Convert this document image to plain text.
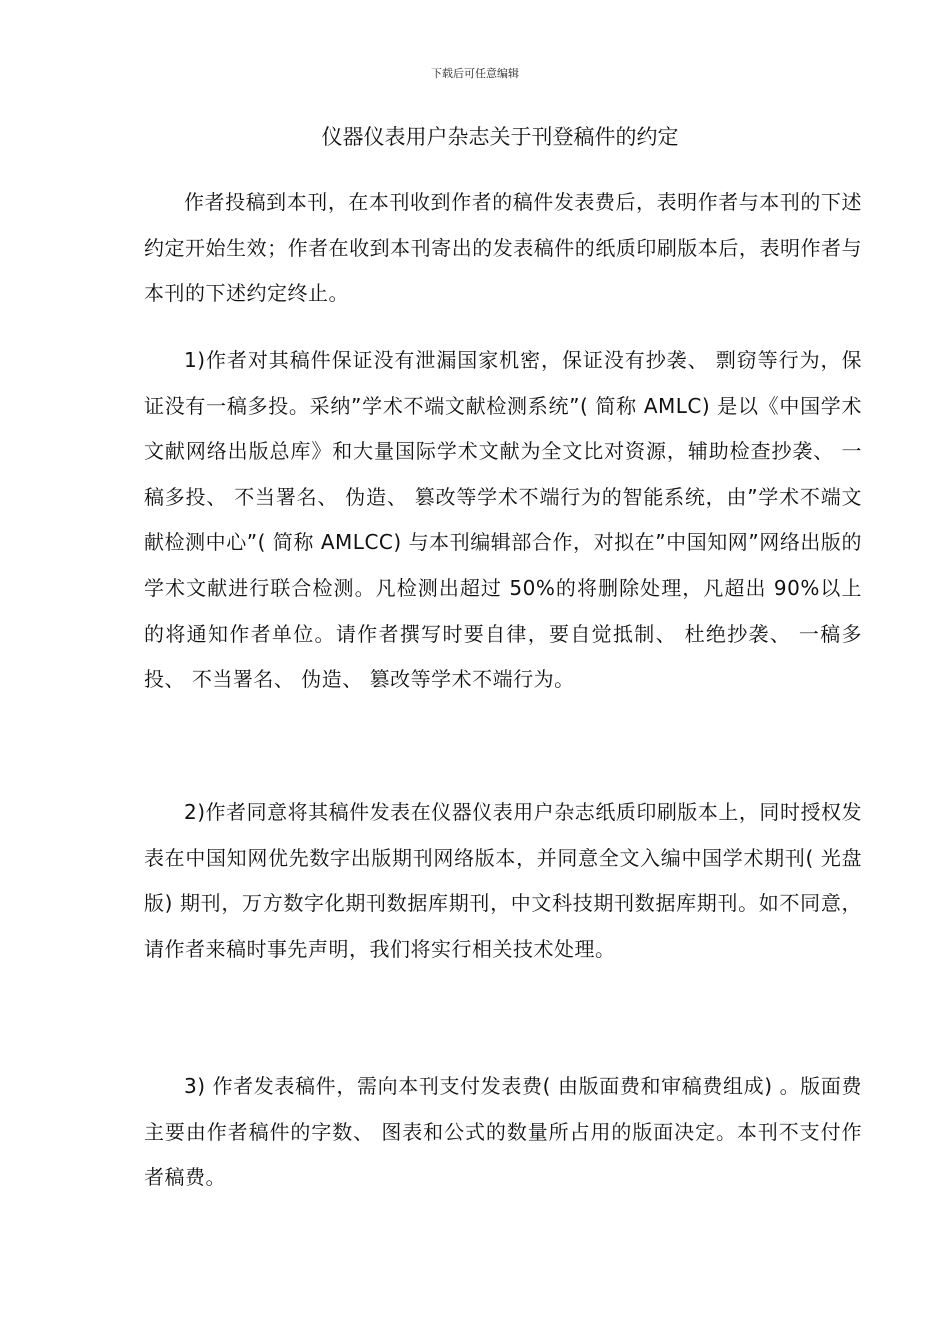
下载后可任意编辑
仪器仪表用户杂志关于刊登稿件的约定

作者投稿到本刊，在本刊收到作者的稿件发表费后，表明作者与本刊的下述约定开始生效；作者在收到本刊寄出的发表稿件的纸质印刷版本后，表明作者与本刊的下述约定终止。

1)作者对其稿件保证没有泄漏国家机密，保证没有抄袭、 剽窃等行为，保证没有一稿多投。采纳”学术不端文献检测系统”( 简称 AMLC) 是以《中国学术文献网络出版总库》和大量国际学术文献为全文比对资源，辅助检查抄袭、 一稿多投、 不当署名、 伪造、 篡改等学术不端行为的智能系统，由”学术不端文献检测中心”( 简称 AMLCC) 与本刊编辑部合作，对拟在”中国知网”网络出版的学术文献进行联合检测。凡检测出超过 50%的将删除处理，凡超出 90%以上的将通知作者单位。请作者撰写时要自律，要自觉抵制、 杜绝抄袭、 一稿多投、 不当署名、 伪造、 篡改等学术不端行为。

2)作者同意将其稿件发表在仪器仪表用户杂志纸质印刷版本上，同时授权发表在中国知网优先数字出版期刊网络版本，并同意全文入编中国学术期刊( 光盘版) 期刊，万方数字化期刊数据库期刊，中文科技期刊数据库期刊。如不同意，请作者来稿时事先声明，我们将实行相关技术处理。

3) 作者发表稿件，需向本刊支付发表费( 由版面费和审稿费组成) 。版面费主要由作者稿件的字数、 图表和公式的数量所占用的版面决定。本刊不支付作者稿费。
